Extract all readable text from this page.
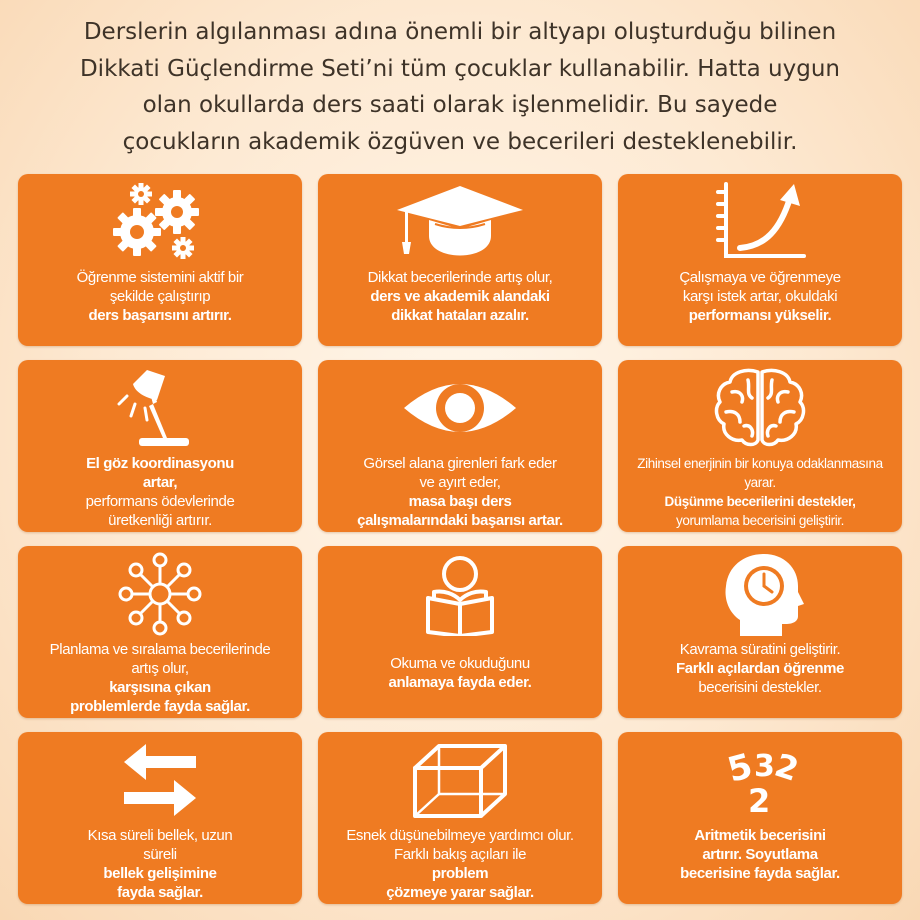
Derslerin algılanması adına önemli bir altyapı oluşturduğu bilinen
Dikkati Güçlendirme Seti’ni tüm çocuklar kullanabilir. Hatta uygun
olan okullarda ders saati olarak işlenmelidir. Bu sayede
çocukların akademik özgüven ve becerileri desteklenebilir.
Öğrenme sistemini aktif bir
şekilde çalıştırıp
ders başarısını artırır.
Dikkat becerilerinde artış olur,
ders ve akademik alandaki
dikkat hataları azalır.
Çalışmaya ve öğrenmeye
karşı istek artar, okuldaki
performansı yükselir.
El göz koordinasyonu
artar,
performans ödevlerinde
üretkenliği artırır.
Görsel alana girenleri fark eder
ve ayırt eder,
masa başı ders
çalışmalarındaki başarısı artar.
Zihinsel enerjinin bir konuya odaklanmasına
yarar.
Düşünme becerilerini destekler,
yorumlama becerisini geliştirir.
Planlama ve sıralama becerilerinde
artış olur,
karşısına çıkan
problemlerde fayda sağlar.
Okuma ve okuduğunu
anlamaya fayda eder.
Kavrama süratini geliştirir.
Farklı açılardan öğrenme
becerisini destekler.
Kısa süreli bellek, uzun
süreli
bellek gelişimine
fayda sağlar.
Esnek düşünebilmeye yardımcı olur.
Farklı bakış açıları ile
problem
çözmeye yarar sağlar.
5
3
2
2
Aritmetik becerisini
artırır. Soyutlama
becerisine fayda sağlar.
